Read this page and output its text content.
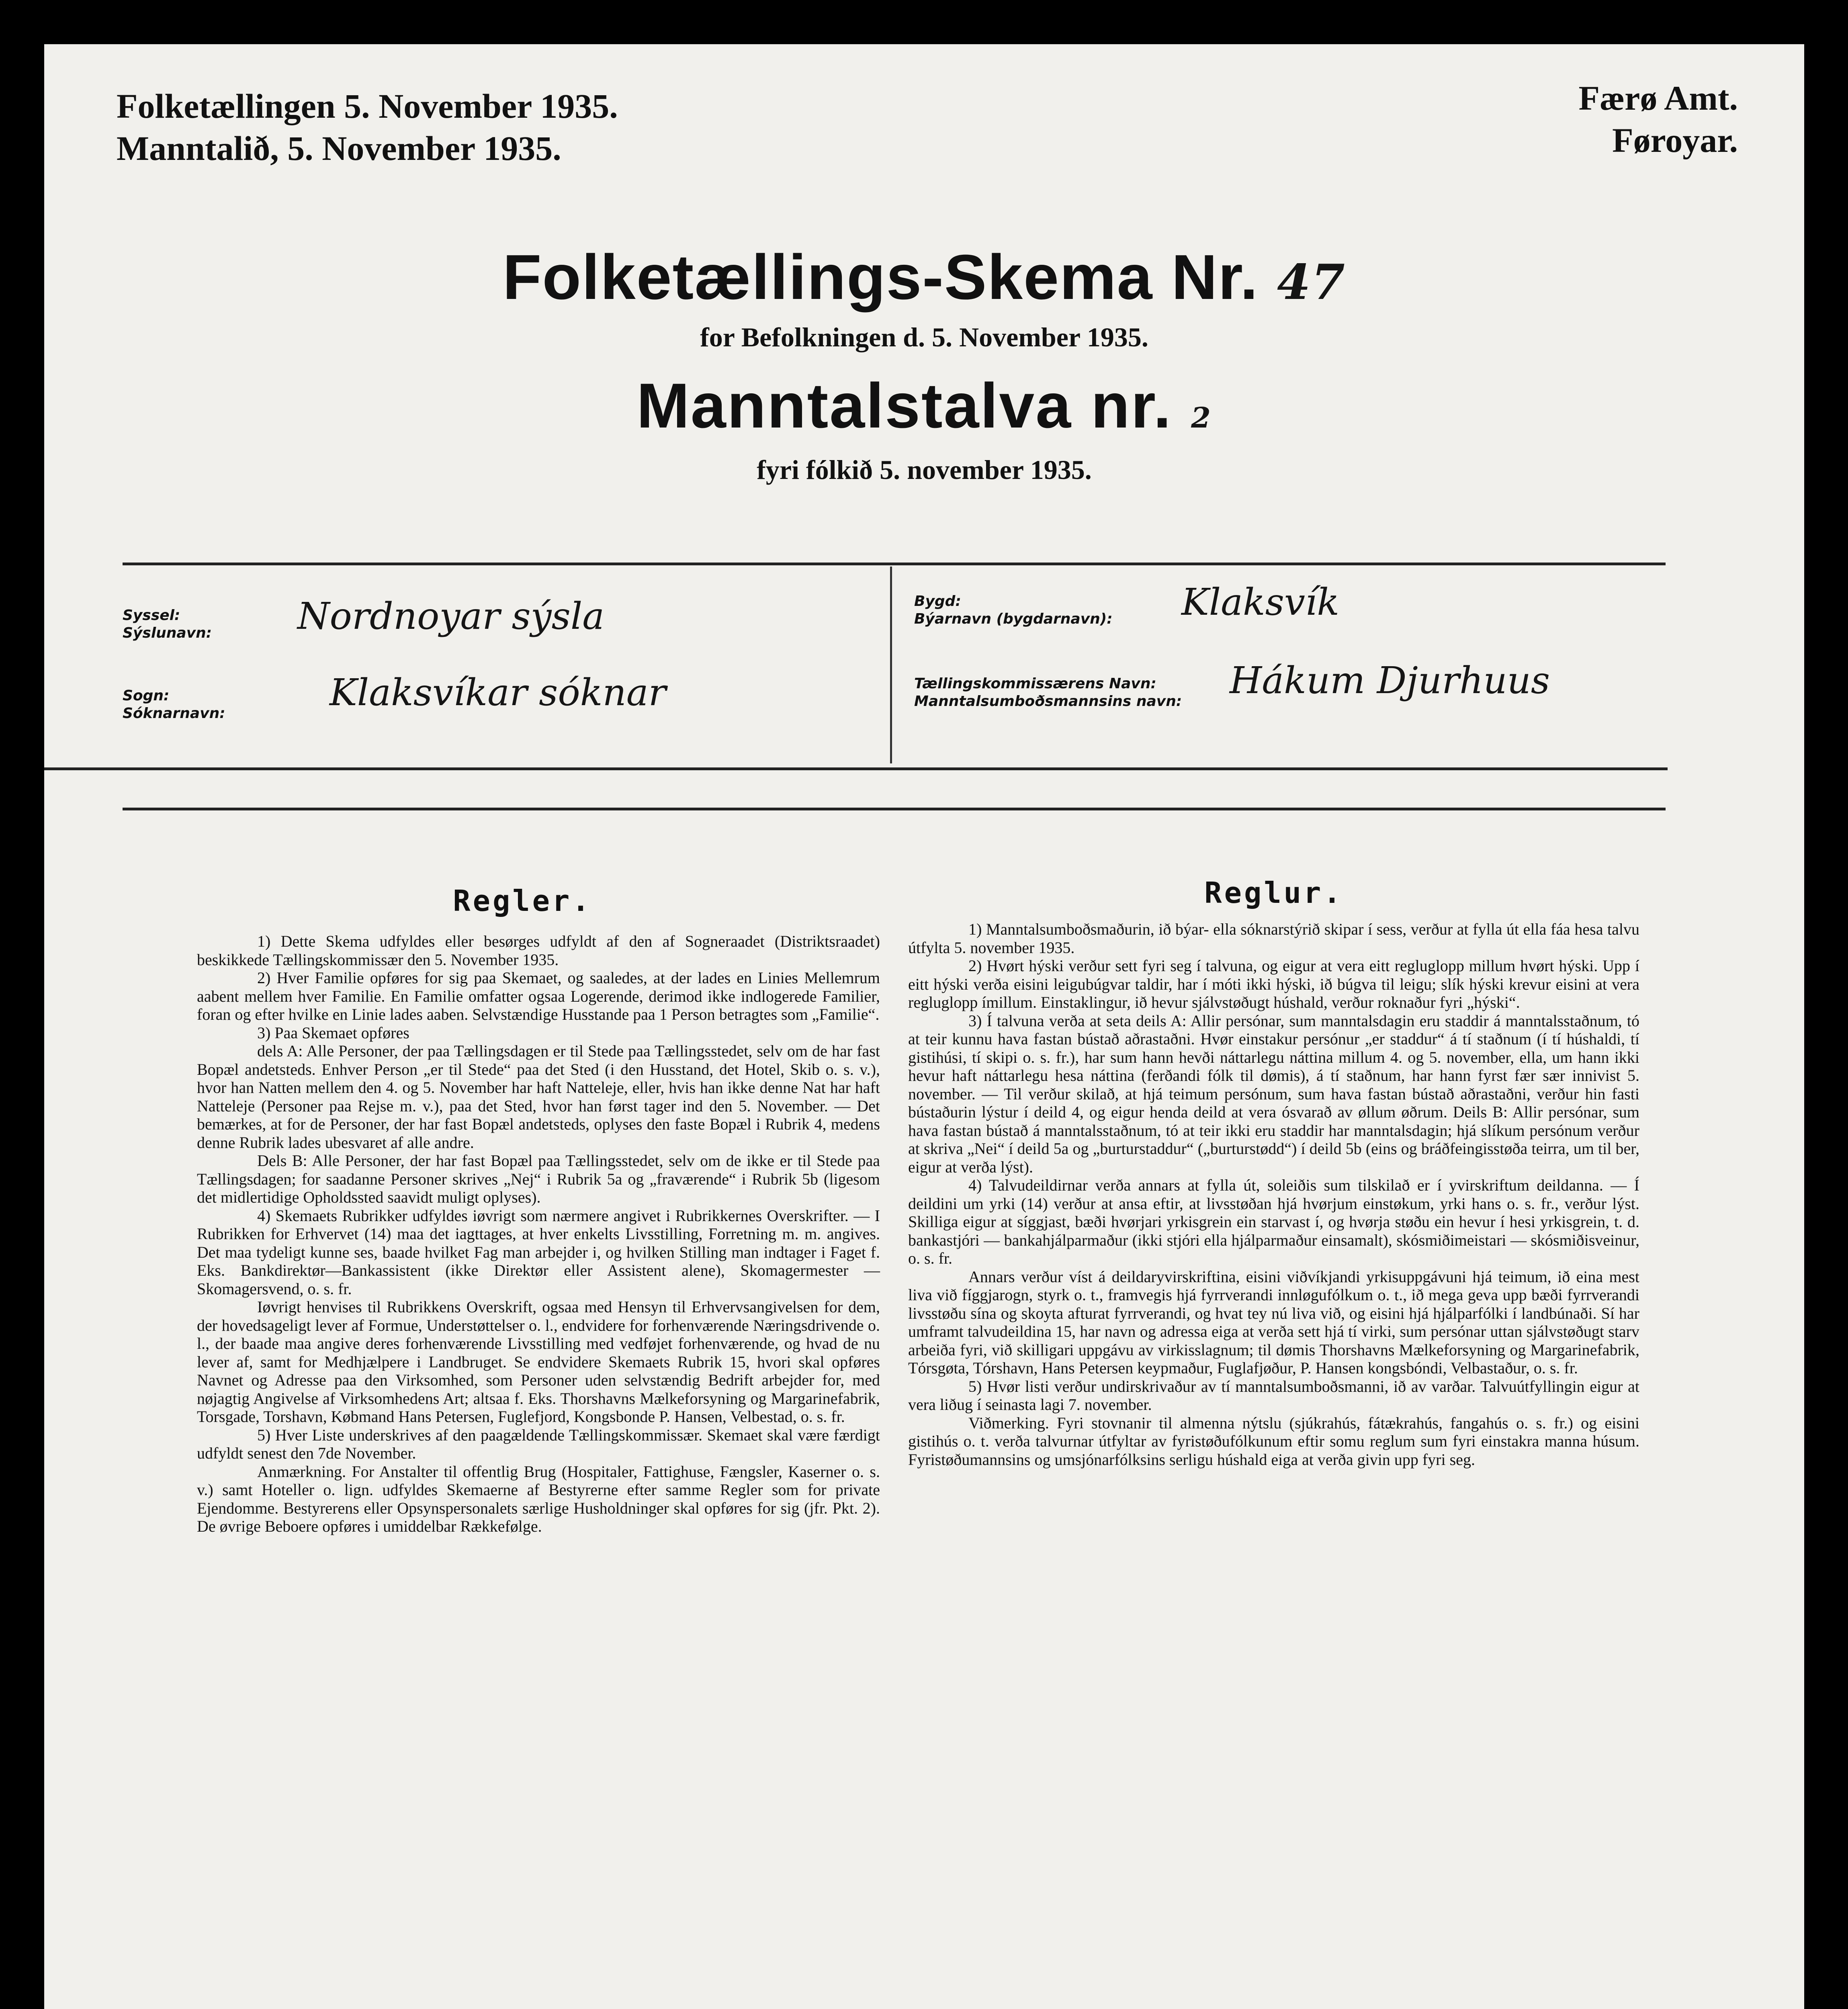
Folketællingen 5. November 1935.
Manntalið, 5. November 1935.
Færø Amt.
Føroyar.
Folketællings-Skema Nr. 47
for Befolkningen d. 5. November 1935.
Manntalstalva nr. 2
fyri fólkið 5. november 1935.
Syssel:
Sýslunavn: Nordnoyar sýsla
Sogn:
Sóknarnavn:	Klaksvíkar sóknar
Bygd:
Býarnavn (bygdarnavn): Klaksvík
Tællingskommissærens Navn:
Manntalsumboðsmannsins navn: Hákum Djurhuus
Regler.

1) Dette Skema udfyldes eller besørges udfyldt af den af Sogneraadet (Distriktsraadet) beskikkede Tællingskommissær den 5. November 1935.

2) Hver Familie opføres for sig paa Skemaet, og saaledes, at der lades en Linies Mellemrum aabent mellem hver Familie. En Familie omfatter ogsaa Logerende, derimod ikke indlogerede Familier, foran og efter hvilke en Linie lades aaben. Selvstændige Husstande paa 1 Person betragtes som „Familie“.

3) Paa Skemaet opføres

dels A: Alle Personer, der paa Tællingsdagen er til Stede paa Tællingsstedet, selv om de har fast Bopæl andetsteds. Enhver Person „er til Stede“ paa det Sted (i den Husstand, det Hotel, Skib o. s. v.), hvor han Natten mellem den 4. og 5. November har haft Natteleje, eller, hvis han ikke denne Nat har haft Natteleje (Personer paa Rejse m. v.), paa det Sted, hvor han først tager ind den 5. November. — Det bemærkes, at for de Personer, der har fast Bopæl andetsteds, oplyses den faste Bopæl i Rubrik 4, medens denne Rubrik lades ubesvaret af alle andre.

Dels B: Alle Personer, der har fast Bopæl paa Tællingsstedet, selv om de ikke er til Stede paa Tællingsdagen; for saadanne Personer skrives „Nej“ i Rubrik 5a og „fraværende“ i Rubrik 5b (ligesom det midlertidige Opholdssted saavidt muligt oplyses).

4) Skemaets Rubrikker udfyldes iøvrigt som nærmere angivet i Rubrikkernes Overskrifter. — I Rubrikken for Erhvervet (14) maa det iagttages, at hver enkelts Livsstilling, Forretning m. m. angives. Det maa tydeligt kunne ses, baade hvilket Fag man arbejder i, og hvilken Stilling man indtager i Faget f. Eks. Bankdirektør—Bankassistent (ikke Direktør eller Assistent alene), Skomagermester — Skomagersvend, o. s. fr.

Iøvrigt henvises til Rubrikkens Overskrift, ogsaa med Hensyn til Erhvervsangivelsen for dem, der hovedsageligt lever af Formue, Understøttelser o. l., endvidere for forhenværende Næringsdrivende o. l., der baade maa angive deres forhenværende Livsstilling med vedføjet forhenværende, og hvad de nu lever af, samt for Medhjælpere i Landbruget. Se endvidere Skemaets Rubrik 15, hvori skal opføres Navnet og Adresse paa den Virksomhed, som Personer uden selvstændig Bedrift arbejder for, med nøjagtig Angivelse af Virksomhedens Art; altsaa f. Eks. Thorshavns Mælkeforsyning og Margarinefabrik, Torsgade, Torshavn, Købmand Hans Petersen, Fuglefjord, Kongsbonde P. Hansen, Velbestad, o. s. fr.

5) Hver Liste underskrives af den paagældende Tællingskommissær. Skemaet skal være færdigt udfyldt senest den 7de November.

Anmærkning. For Anstalter til offentlig Brug (Hospitaler, Fattighuse, Fængsler, Kaserner o. s. v.) samt Hoteller o. lign. udfyldes Skemaerne af Bestyrerne efter samme Regler som for private Ejendomme. Bestyrerens eller Opsynspersonalets særlige Husholdninger skal opføres for sig (jfr. Pkt. 2). De øvrige Beboere opføres i umiddelbar Rækkefølge.

Reglur.

1) Manntalsumboðsmaðurin, ið býar- ella sóknarstýrið skipar í sess, verður at fylla út ella fáa hesa talvu útfylta 5. november 1935.

2) Hvørt hýski verður sett fyri seg í talvuna, og eigur at vera eitt regluglopp millum hvørt hýski. Upp í eitt hýski verða eisini leigubúgvar taldir, har í móti ikki hýski, ið búgva til leigu; slík hýski krevur eisini at vera regluglopp ímillum. Einstaklingur, ið hevur sjálvstøðugt húshald, verður roknaður fyri „hýski“.

3) Í talvuna verða at seta deils A: Allir persónar, sum manntalsdagin eru staddir á manntalsstaðnum, tó at teir kunnu hava fastan bústað aðrastaðni. Hvør einstakur persónur „er staddur“ á tí staðnum (í tí húshaldi, tí gistihúsi, tí skipi o. s. fr.), har sum hann hevði náttarlegu náttina millum 4. og 5. november, ella, um hann ikki hevur haft náttarlegu hesa náttina (ferðandi fólk til dømis), á tí staðnum, har hann fyrst fær sær innivist 5. november. — Til verður skilað, at hjá teimum persónum, sum hava fastan bústað aðrastaðni, verður hin fasti bústaðurin lýstur í deild 4, og eigur henda deild at vera ósvarað av øllum øðrum. Deils B: Allir persónar, sum hava fastan bústað á manntalsstaðnum, tó at teir ikki eru staddir har manntalsdagin; hjá slíkum persónum verður at skriva „Nei“ í deild 5a og „burturstaddur“ („burturstødd“) í deild 5b (eins og bráðfeingisstøða teirra, um til ber, eigur at verða lýst).

4) Talvudeildirnar verða annars at fylla út, soleiðis sum tilskilað er í yvirskriftum deildanna. — Í deildini um yrki (14) verður at ansa eftir, at livsstøðan hjá hvørjum einstøkum, yrki hans o. s. fr., verður lýst. Skilliga eigur at síggjast, bæði hvørjari yrkisgrein ein starvast í, og hvørja støðu ein hevur í hesi yrkisgrein, t. d. bankastjóri — bankahjálparmaður (ikki stjóri ella hjálparmaður einsamalt), skósmiðimeistari — skósmiðisveinur, o. s. fr.

Annars verður víst á deildaryvirskriftina, eisini viðvíkjandi yrkisuppgávuni hjá teimum, ið eina mest liva við fíggjarogn, styrk o. t., framvegis hjá fyrrverandi innløgufólkum o. t., ið mega geva upp bæði fyrrverandi livsstøðu sína og skoyta afturat fyrrverandi, og hvat tey nú liva við, og eisini hjá hjálparfólki í landbúnaði. Sí har umframt talvudeildina 15, har navn og adressa eiga at verða sett hjá tí virki, sum persónar uttan sjálvstøðugt starv arbeiða fyri, við skilligari uppgávu av virkisslagnum; til dømis Thorshavns Mælkeforsyning og Margarinefabrik, Tórsgøta, Tórshavn, Hans Petersen keypmaður, Fuglafjøður, P. Hansen kongsbóndi, Velbastaður, o. s. fr.

5) Hvør listi verður undirskrivaður av tí manntalsumboðsmanni, ið av varðar. Talvuútfyllingin eigur at vera liðug í seinasta lagi 7. november.

Viðmerking. Fyri stovnanir til almenna nýtslu (sjúkrahús, fátækrahús, fangahús o. s. fr.) og eisini gistihús o. t. verða talvurnar útfyltar av fyristøðufólkunum eftir somu reglum sum fyri einstakra manna húsum. Fyristøðumannsins og umsjónarfólksins serligu húshald eiga at verða givin upp fyri seg.
